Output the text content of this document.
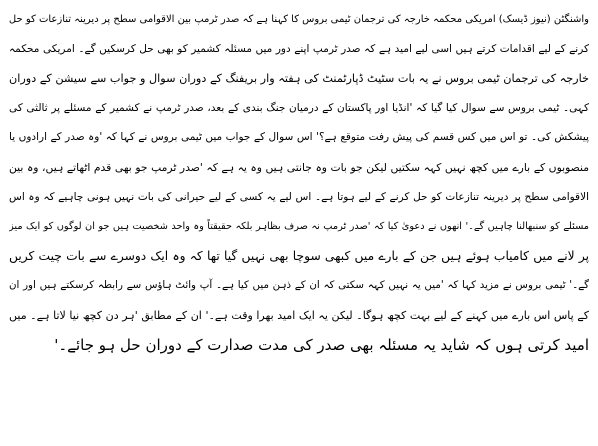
واشنگٹن (نیوز ڈیسک) امریکی محکمہ خارجہ کی ترجمان ٹیمی بروس کا کہنا ہے کہ صدر ٹرمپ بین الاقوامی سطح پر دیرینہ تنازعات کو حل
کرنے کے لیے اقدامات کرتے ہیں اسی لیے امید ہے کہ صدر ٹرمپ اپنے دور میں مسئلہ کشمیر کو بھی حل کرسکیں گے۔ امریکی محکمہ
خارجہ کی ترجمان ٹیمی بروس نے یہ بات سٹیٹ ڈپارٹمنٹ کی ہفتہ وار بریفنگ کے دوران سوال و جواب سے سیشن کے دوران
کہی۔ ٹیمی بروس سے سوال کیا گیا کہ 'انڈیا اور پاکستان کے درمیان جنگ بندی کے بعد، صدر ٹرمپ نے کشمیر کے مسئلے پر ثالثی کی
پیشکش کی۔ تو اس میں کس قسم کی پیش رفت متوقع ہے؟' اس سوال کے جواب میں ٹیمی بروس نے کہا کہ 'وہ صدر کے ارادوں یا
منصوبوں کے بارے میں کچھ نہیں کہہ سکتیں لیکن جو بات وہ جانتی ہیں وہ یہ ہے کہ 'صدر ٹرمپ جو بھی قدم اٹھاتے ہیں، وہ بین
الاقوامی سطح پر دیرینہ تنازعات کو حل کرنے کے لیے ہوتا ہے۔ اس لیے یہ کسی کے لیے حیرانی کی بات نہیں ہونی چاہیے کہ وہ اس
مسئلے کو سنبھالنا چاہیں گے۔' انھوں نے دعویٰ کیا کہ 'صدر ٹرمپ نہ صرف بظاہر بلکہ حقیقتاً وہ واحد شخصیت ہیں جو ان لوگوں کو ایک میز
پر لانے میں کامیاب ہوئے ہیں جن کے بارے میں کبھی سوچا بھی نہیں گیا تھا کہ وہ ایک دوسرے سے بات چیت کریں
گے۔' ٹیمی بروس نے مزید کہا کہ 'میں یہ نہیں کہہ سکتی کہ ان کے ذہن میں کیا ہے۔ آپ وائٹ ہاؤس سے رابطہ کرسکتے ہیں اور ان
کے پاس اس بارے میں کہنے کے لیے بہت کچھ ہوگا۔ لیکن یہ ایک امید بھرا وقت ہے۔' ان کے مطابق 'ہر دن کچھ نیا لاتا ہے۔ میں
امید کرتی ہوں کہ شاید یہ مسئلہ بھی صدر کی مدت صدارت کے دوران حل ہو جائے۔'
